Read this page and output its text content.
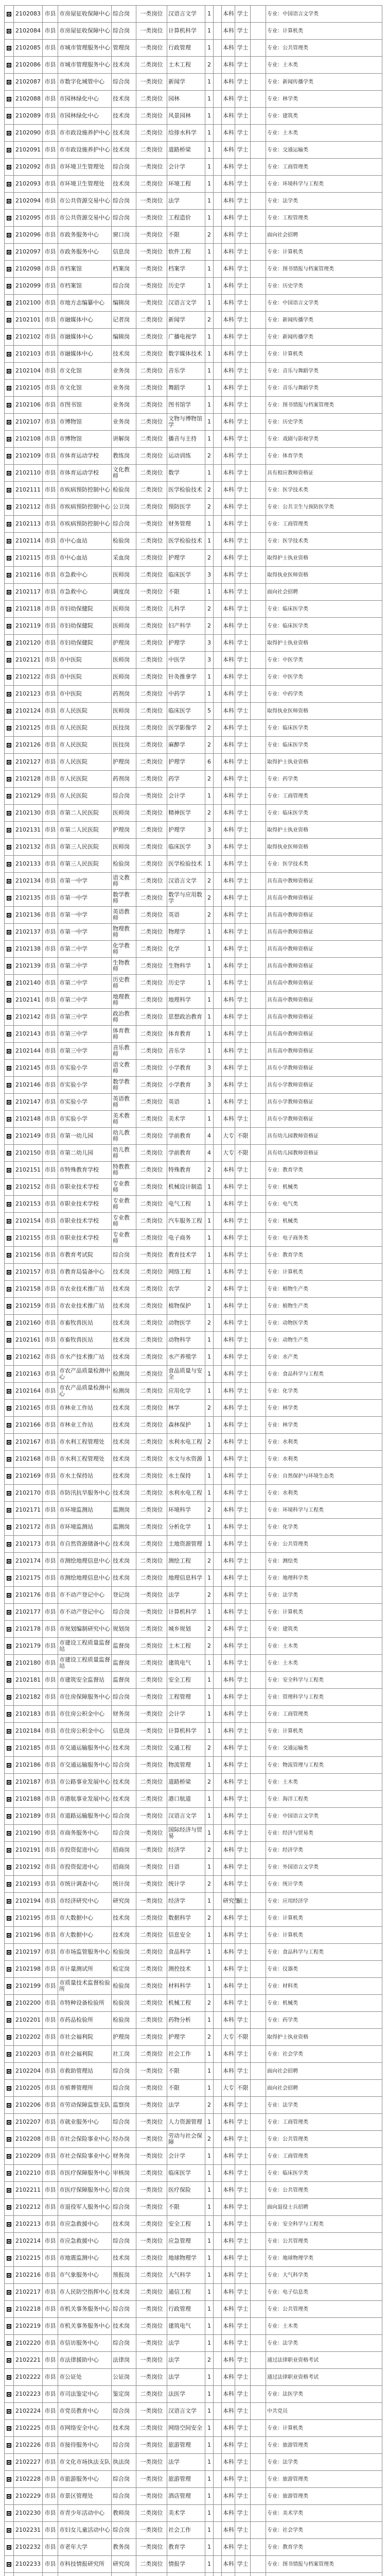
	2102083	市县	市房屋征收保障中心	综合岗	一类岗位	汉语言文学	1		本科	学士		专业：中国语言文学类
	2102084	市县	市房屋征收保障中心	综合岗	一类岗位	计算机科学	1		本科	学士		专业：计算机类
	2102085	市县	市城市管理服务中心	管理岗	一类岗位	行政管理	1		本科	学士		专业：公共管理类
	2102086	市县	市城市管理服务中心	技术岗	二类岗位	土木工程	2		本科	学士		专业：土木类
	2102087	市县	市数字化城管中心	综合岗	一类岗位	新闻学	1		本科	学士		专业：新闻传播学类
	2102088	市县	市园林绿化中心	技术岗	二类岗位	园林	1		本科	学士		专业：林学类
	2102089	市县	市园林绿化中心	技术岗	二类岗位	风景园林	1		本科	学士		专业：建筑类
	2102090	市县	市市政设施养护中心	技术岗	二类岗位	给排水科学	1		本科	学士		专业：土木类
	2102091	市县	市市政设施养护中心	技术岗	二类岗位	道路桥梁	1		本科	学士		专业：交通运输类
	2102092	市县	市环境卫生管理处	综合岗	一类岗位	会计学	1		本科	学士		专业：工商管理类
	2102093	市县	市环境卫生管理处	技术岗	二类岗位	环境工程	1		本科	学士		专业：环境科学与工程类
	2102094	市县	市公共资源交易中心	综合岗	一类岗位	法学	1		本科	学士		专业：法学类
	2102095	市县	市公共资源交易中心	综合岗	一类岗位	工程造价	1		本科	学士		专业：工程管理类
	2102096	市县	市政务服务中心	窗口岗	一类岗位	不限	2		本科	学士		面向社会招聘
	2102097	市县	市政务服务中心	信息岗	一类岗位	软件工程	1		本科	学士		专业：计算机类
	2102098	市县	市档案馆	档案岗	一类岗位	档案学	1		本科	学士		专业：图书情报与档案管理类
	2102099	市县	市档案馆	综合岗	一类岗位	历史学	1		本科	学士		专业：历史学类
	2102100	市县	市地方志编纂中心	编辑岗	一类岗位	汉语言文学	1		本科	学士		专业：中国语言文学类
	2102101	市县	市融媒体中心	记者岗	二类岗位	新闻学	2		本科	学士		专业：新闻传播学类
	2102102	市县	市融媒体中心	编辑岗	二类岗位	广播电视学	1		本科	学士		专业：新闻传播学类
	2102103	市县	市融媒体中心	技术岗	二类岗位	数字媒体技术	1		本科	学士		专业：计算机类
	2102104	市县	市文化馆	业务岗	二类岗位	音乐学	1		本科	学士		专业：音乐与舞蹈学类
	2102105	市县	市文化馆	业务岗	二类岗位	舞蹈学	1		本科	学士		专业：音乐与舞蹈学类
	2102106	市县	市图书馆	业务岗	二类岗位	图书馆学	1		本科	学士		专业：图书情报与档案管理类
	2102107	市县	市博物馆	业务岗	二类岗位	文物与博物馆学	1		本科	学士		专业：历史学类
	2102108	市县	市博物馆	讲解岗	二类岗位	播音与主持	1		本科	学士		专业：戏剧与影视学类
	2102109	市县	市体育运动学校	教练岗	二类岗位	运动训练	2		本科	学士		专业：体育学类
	2102110	市县	市体育运动学校	文化教师	二类岗位	数学	1		本科	学士		具有相应教师资格证
	2102111	市县	市疾病预防控制中心	检验岗	二类岗位	医学检验技术	2		本科	学士		专业：医学技术类
	2102112	市县	市疾病预防控制中心	公卫岗	二类岗位	预防医学	2		本科	学士		专业：公共卫生与预防医学类
	2102113	市县	市疾病预防控制中心	综合岗	一类岗位	财务管理	1		本科	学士		专业：工商管理类
	2102114	市县	市中心血站	检验岗	二类岗位	医学检验技术	1		本科	学士		专业：医学技术类
	2102115	市县	市中心血站	采血岗	二类岗位	护理学	2		本科	学士		取得护士执业资格
	2102116	市县	市急救中心	医师岗	二类岗位	临床医学	3		本科	学士		取得执业医师资格
	2102117	市县	市急救中心	调度岗	一类岗位	不限	1		本科	学士		面向社会招聘
	2102118	市县	市妇幼保健院	医师岗	二类岗位	儿科学	2		本科	学士		专业：临床医学类
	2102119	市县	市妇幼保健院	医师岗	二类岗位	妇产科学	2		本科	学士		专业：临床医学类
	2102120	市县	市妇幼保健院	护理岗	二类岗位	护理学	3		本科	学士		取得护士执业资格
	2102121	市县	市中医院	医师岗	二类岗位	中医学	3		本科	学士		专业：中医学类
	2102122	市县	市中医院	医师岗	二类岗位	针灸推拿学	1		本科	学士		专业：中医学类
	2102123	市县	市中医院	药剂岗	二类岗位	中药学	1		本科	学士		专业：中药学类
	2102124	市县	市人民医院	医师岗	二类岗位	临床医学	5		本科	学士		取得执业医师资格
	2102125	市县	市人民医院	医技岗	二类岗位	医学影像学	2		本科	学士		专业：临床医学类
	2102126	市县	市人民医院	医技岗	二类岗位	麻醉学	2		本科	学士		专业：临床医学类
	2102127	市县	市人民医院	护理岗	二类岗位	护理学	6		本科	学士		取得护士执业资格
	2102128	市县	市人民医院	药剂岗	二类岗位	药学	2		本科	学士		专业：药学类
	2102129	市县	市人民医院	综合岗	一类岗位	会计学	1		本科	学士		专业：工商管理类
	2102130	市县	市第二人民医院	医师岗	二类岗位	精神医学	2		本科	学士		专业：临床医学类
	2102131	市县	市第二人民医院	护理岗	二类岗位	护理学	3		本科	学士		取得护士执业资格
	2102132	市县	市第三人民医院	医师岗	二类岗位	临床医学	3		本科	学士		取得执业医师资格
	2102133	市县	市第三人民医院	检验岗	二类岗位	医学检验技术	1		本科	学士		专业：医学技术类
	2102134	市县	市第一中学	语文教师	二类岗位	汉语言文学	2		本科	学士		具有高中教师资格证
	2102135	市县	市第一中学	数学教师	二类岗位	数学与应用数学	2		本科	学士		具有高中教师资格证
	2102136	市县	市第一中学	英语教师	二类岗位	英语	2		本科	学士		具有高中教师资格证
	2102137	市县	市第一中学	物理教师	二类岗位	物理学	1		本科	学士		具有高中教师资格证
	2102138	市县	市第二中学	化学教师	二类岗位	化学	1		本科	学士		具有高中教师资格证
	2102139	市县	市第二中学	生物教师	二类岗位	生物科学	1		本科	学士		具有高中教师资格证
	2102140	市县	市第二中学	历史教师	二类岗位	历史学	1		本科	学士		具有高中教师资格证
	2102141	市县	市第二中学	地理教师	二类岗位	地理科学	1		本科	学士		具有高中教师资格证
	2102142	市县	市第三中学	政治教师	二类岗位	思想政治教育	1		本科	学士		具有高中教师资格证
	2102143	市县	市第三中学	体育教师	二类岗位	体育教育	1		本科	学士		具有高中教师资格证
	2102144	市县	市第三中学	音乐教师	二类岗位	音乐学	1		本科	学士		具有高中教师资格证
	2102145	市县	市实验小学	语文教师	二类岗位	小学教育	3		本科	学士		具有小学教师资格证
	2102146	市县	市实验小学	数学教师	二类岗位	小学教育	3		本科	学士		具有小学教师资格证
	2102147	市县	市实验小学	英语教师	二类岗位	英语	1		本科	学士		具有小学教师资格证
	2102148	市县	市实验小学	美术教师	二类岗位	美术学	1		本科	学士		具有小学教师资格证
	2102149	市县	市第一幼儿园	幼儿教师	二类岗位	学前教育	4		大专	不限		具有幼儿园教师资格证
	2102150	市县	市第二幼儿园	幼儿教师	二类岗位	学前教育	4		大专	不限		具有幼儿园教师资格证
	2102151	市县	市特殊教育学校	特教教师	二类岗位	特殊教育	2		本科	学士		专业：教育学类
	2102152	市县	市职业技术学校	专业教师	二类岗位	机械设计制造	1		本科	学士		专业：机械类
	2102153	市县	市职业技术学校	专业教师	二类岗位	电气工程	1		本科	学士		专业：电气类
	2102154	市县	市职业技术学校	专业教师	二类岗位	汽车服务工程	1		本科	学士		专业：机械类
	2102155	市县	市职业技术学校	专业教师	二类岗位	电子商务	1		本科	学士		专业：电子商务类
	2102156	市县	市教育考试院	综合岗	一类岗位	教育技术学	1		本科	学士		专业：教育学类
	2102157	市县	市教育局装备中心	技术岗	二类岗位	网络工程	1		本科	学士		专业：计算机类
	2102158	市县	市农业技术推广站	技术岗	二类岗位	农学	2		本科	学士		专业：植物生产类
	2102159	市县	市农业技术推广站	技术岗	二类岗位	植物保护	1		本科	学士		专业：植物生产类
	2102160	市县	市畜牧兽医站	技术岗	二类岗位	动物医学	2		本科	学士		专业：动物医学类
	2102161	市县	市畜牧兽医站	技术岗	二类岗位	动物科学	1		本科	学士		专业：动物生产类
	2102162	市县	市水产技术推广站	技术岗	二类岗位	水产养殖学	1		本科	学士		专业：水产类
	2102163	市县	市农产品质量检测中心	检测岗	二类岗位	食品质量与安全	1		本科	学士		专业：食品科学与工程类
	2102164	市县	市农产品质量检测中心	检测岗	二类岗位	应用化学	1		本科	学士		专业：化学类
	2102165	市县	市林业工作站	技术岗	二类岗位	林学	2		本科	学士		专业：林学类
	2102166	市县	市林业工作站	技术岗	二类岗位	森林保护	1		本科	学士		专业：林学类
	2102167	市县	市水利工程管理处	技术岗	二类岗位	水利水电工程	2		本科	学士		专业：水利类
	2102168	市县	市水利工程管理处	技术岗	二类岗位	水文与水资源	1		本科	学士		专业：水利类
	2102169	市县	市水土保持站	技术岗	二类岗位	水土保持	1		本科	学士		专业：自然保护与环境生态类
	2102170	市县	市防汛抗旱服务中心	技术岗	二类岗位	水利水电工程	1		本科	学士		专业：水利类
	2102171	市县	市环境监测站	监测岗	二类岗位	环境科学	2		本科	学士		专业：环境科学与工程类
	2102172	市县	市环境监测站	监测岗	二类岗位	分析化学	1		本科	学士		专业：化学类
	2102173	市县	市自然资源储备中心	技术岗	二类岗位	土地资源管理	1		本科	学士		专业：公共管理类
	2102174	市县	市测绘地理信息中心	技术岗	二类岗位	测绘工程	2		本科	学士		专业：测绘类
	2102175	市县	市测绘地理信息中心	技术岗	二类岗位	地理信息科学	1		本科	学士		专业：地理科学类
	2102176	市县	市不动产登记中心	登记岗	一类岗位	法学	2		本科	学士		专业：法学类
	2102177	市县	市不动产登记中心	综合岗	一类岗位	计算机科学	1		本科	学士		专业：计算机类
	2102178	市县	市规划编制研究中心	规划岗	二类岗位	城乡规划	2		本科	学士		专业：建筑类
	2102179	市县	市建设工程质量监督站	监督岗	二类岗位	土木工程	2		本科	学士		专业：土木类
	2102180	市县	市建设工程质量监督站	监督岗	二类岗位	建筑电气	1		本科	学士		专业：土木类
	2102181	市县	市建筑安全监督站	监督岗	二类岗位	安全工程	1		本科	学士		专业：安全科学与工程类
	2102182	市县	市住房保障服务中心	综合岗	一类岗位	工程管理	1		本科	学士		专业：管理科学与工程类
	2102183	市县	市住房公积金中心	财务岗	一类岗位	会计学	1		本科	学士		专业：工商管理类
	2102184	市县	市住房公积金中心	信息岗	一类岗位	计算机科学	1		本科	学士		专业：计算机类
	2102185	市县	市交通运输服务中心	技术岗	二类岗位	交通工程	2		本科	学士		专业：交通运输类
	2102186	市县	市交通运输服务中心	综合岗	一类岗位	物流管理	1		本科	学士		专业：物流管理与工程类
	2102187	市县	市公路事业发展中心	技术岗	二类岗位	道路桥梁	2		本科	学士		专业：土木类
	2102188	市县	市港航事业发展中心	技术岗	二类岗位	港口航道	1		本科	学士		专业：海洋工程类
	2102189	市县	市道路运输服务中心	综合岗	一类岗位	汉语言文学	1		本科	学士		专业：中国语言文学类
	2102190	市县	市商务服务中心	综合岗	一类岗位	国际经济与贸易	1		本科	学士		专业：经济与贸易类
	2102191	市县	市投资促进中心	招商岗	一类岗位	经济学	2		本科	学士		专业：经济学类
	2102192	市县	市投资促进中心	招商岗	一类岗位	日语	1		本科	学士		专业：外国语言文学类
	2102193	市县	市统计调查中心	统计岗	一类岗位	统计学	2		本科	学士		专业：统计学类
	2102194	市县	市经济研究中心	研究岗	一类岗位	经济学	1		研究生	硕士		专业：应用经济学
	2102195	市县	市大数据中心	技术岗	二类岗位	数据科学	2		本科	学士		专业：计算机类
	2102196	市县	市大数据中心	技术岗	二类岗位	信息安全	1		本科	学士		专业：计算机类
	2102197	市县	市市场监管服务中心	检验岗	二类岗位	食品科学	1		本科	学士		专业：食品科学与工程类
	2102198	市县	市计量测试所	检定岗	二类岗位	测控技术	1		本科	学士		专业：仪器类
	2102199	市县	市质量技术监督检验所	检验岗	二类岗位	材料科学	1		本科	学士		专业：材料类
	2102200	市县	市特种设备检验所	检验岗	二类岗位	机械工程	2		本科	学士		专业：机械类
	2102201	市县	市药品检验所	检验岗	二类岗位	药物分析	1		本科	学士		专业：药学类
	2102202	市县	市社会福利院	护理岗	二类岗位	护理学	2		大专	不限		取得护士执业资格
	2102203	市县	市社会福利院	社工岗	二类岗位	社会工作	1		本科	学士		专业：社会学类
	2102204	市县	市救助管理站	综合岗	一类岗位	不限	1		本科	学士		面向社会招聘
	2102205	市县	市殡葬管理所	综合岗	一类岗位	不限	1		大专	不限		面向社会招聘
	2102206	市县	市劳动保障监察支队	监察岗	一类岗位	法学	2		本科	学士		专业：法学类
	2102207	市县	市就业服务中心	综合岗	一类岗位	人力资源管理	1		本科	学士		专业：工商管理类
	2102208	市县	市社会保险事业中心	经办岗	一类岗位	劳动与社会保障	2		本科	学士		专业：公共管理类
	2102209	市县	市社会保险事业中心	财务岗	一类岗位	会计学	1		本科	学士		专业：工商管理类
	2102210	市县	市医疗保障服务中心	审核岗	二类岗位	临床医学	1		本科	学士		专业：临床医学类
	2102211	市县	市医疗保障服务中心	综合岗	一类岗位	医疗保险	1		本科	学士		专业：公共管理类
	2102212	市县	市退役军人服务中心	综合岗	一类岗位	不限	1		本科	学士		面向退役士兵招聘
	2102213	市县	市应急救援中心	技术岗	二类岗位	安全工程	1		本科	学士		专业：安全科学与工程类
	2102214	市县	市应急救援中心	综合岗	一类岗位	应急管理	1		本科	学士		专业：公共管理类
	2102215	市县	市地震监测中心	技术岗	二类岗位	地球物理学	1		本科	学士		专业：地球物理学类
	2102216	市县	市气象服务中心	预报岗	二类岗位	大气科学	1		本科	学士		专业：大气科学类
	2102217	市县	市人民防空指挥中心	技术岗	二类岗位	通信工程	1		本科	学士		专业：电子信息类
	2102218	市县	市机关事务服务中心	综合岗	一类岗位	行政管理	1		本科	学士		专业：公共管理类
	2102219	市县	市机关事务服务中心	技术岗	二类岗位	建筑电气	1		本科	学士		专业：土木类
	2102220	市县	市信访服务中心	综合岗	一类岗位	法学	1		本科	学士		专业：法学类
	2102221	市县	市法律援助中心	法律岗	一类岗位	法学	2		本科	学士		通过法律职业资格考试
	2102222	市县	市公证处	公证岗	一类岗位	法学	1		本科	学士		通过法律职业资格考试
	2102223	市县	市司法鉴定中心	鉴定岗	二类岗位	法医学	1		本科	学士		专业：法医学类
	2102224	市县	市党员教育中心	综合岗	一类岗位	汉语言文学	1		本科	学士		中共党员
	2102225	市县	市网络安全中心	技术岗	二类岗位	网络空间安全	1		本科	学士		专业：计算机类
	2102226	市县	市接待服务中心	综合岗	一类岗位	旅游管理	1		本科	学士		专业：旅游管理类
	2102227	市县	市文化市场执法支队	执法岗	一类岗位	法学	1		本科	学士		专业：法学类
	2102228	市县	市旅游服务中心	综合岗	一类岗位	旅游管理	1		本科	学士		专业：旅游管理类
	2102229	市县	市景区管理处	综合岗	一类岗位	酒店管理	1		本科	学士		专业：旅游管理类
	2102230	市县	市青少年活动中心	教师岗	二类岗位	美术学	1		本科	学士		专业：美术学类
	2102231	市县	市妇女儿童活动中心	综合岗	一类岗位	社会工作	1		本科	学士		专业：社会学类
	2102232	市县	市老年大学	教务岗	一类岗位	教育学	1		本科	学士		专业：教育学类
	2102233	市县	市科技情报研究所	研究岗	二类岗位	情报学	1		本科	学士		专业：图书情报与档案管理类
